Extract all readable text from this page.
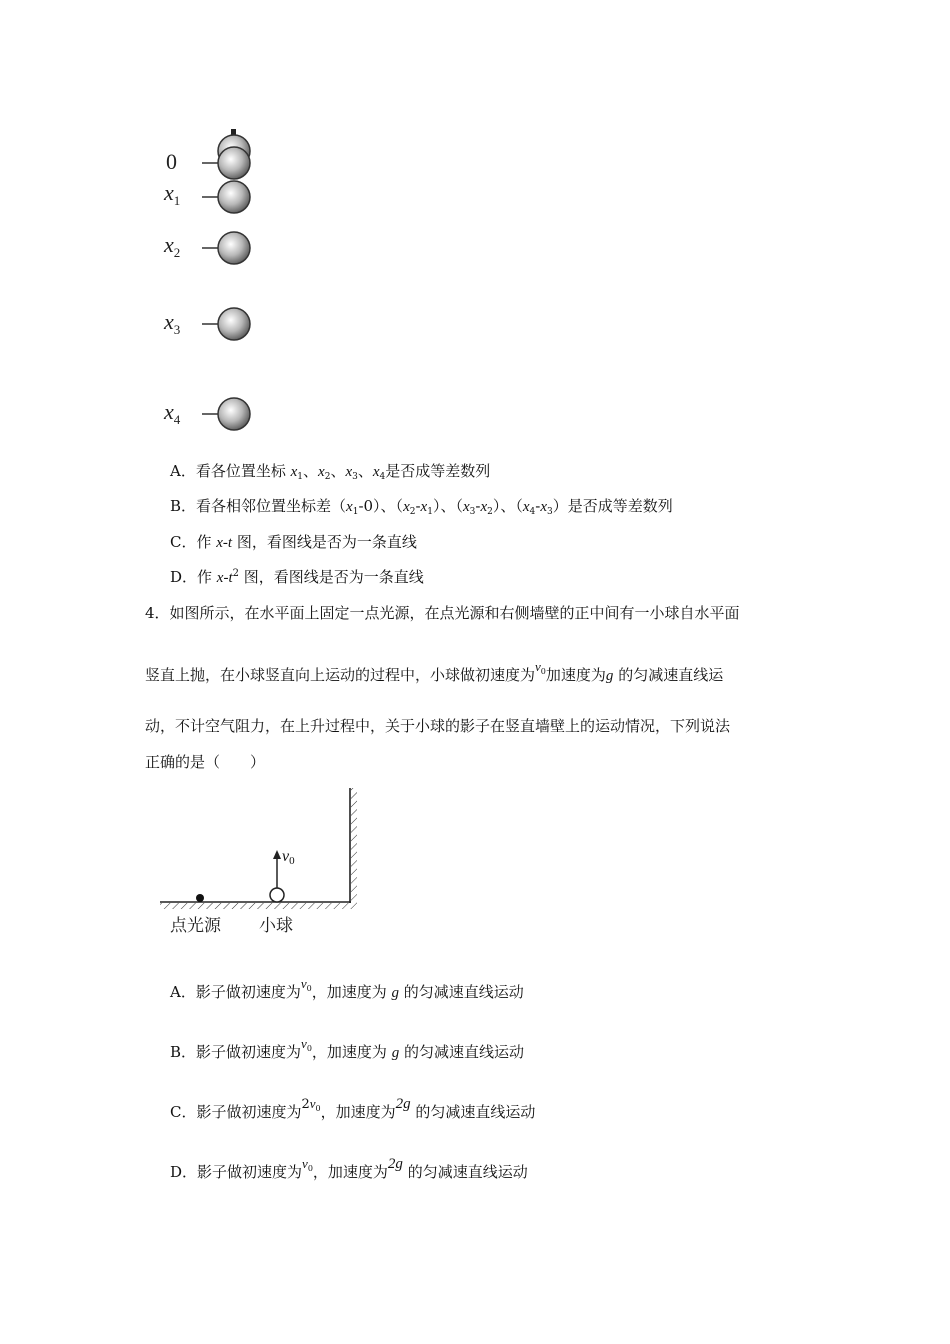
0
$x_1$
$x_2$
$x_3$
$x_4$
A．看各位置坐标 $x_1$、$x_2$、$x_3$、$x_4$是否成等差数列
B．看各相邻位置坐标差$(x_1-0)$、$(x_2-x_1)$、$(x_3-x_2)$、$(x_4-x_3)$是否成等差数列
C．作 x-t 图，看图线是否为一条直线
D．作 $x-t^2$ 图，看图线是否为一条直线
4．如图所示，在水平面上固定一点光源，在点光源和右侧墙壁的正中间有一小球自水平面
竖直上抛，在小球竖直向上运动的过程中，小球做初速度为$v_0$加速度为g 的匀减速直线运
动，不计空气阻力，在上升过程中，关于小球的影子在竖直墙壁上的运动情况，下列说法
正确的是（　　）
点光源 小球
v0
A．影子做初速度为$v_0$，加速度为 g 的匀减速直线运动
B．影子做初速度为$v_0$，加速度为 g 的匀减速直线运动
C．影子做初速度为$2v_0$，加速度为2g 的匀减速直线运动
D．影子做初速度为$v_0$，加速度为2g 的匀减速直线运动
